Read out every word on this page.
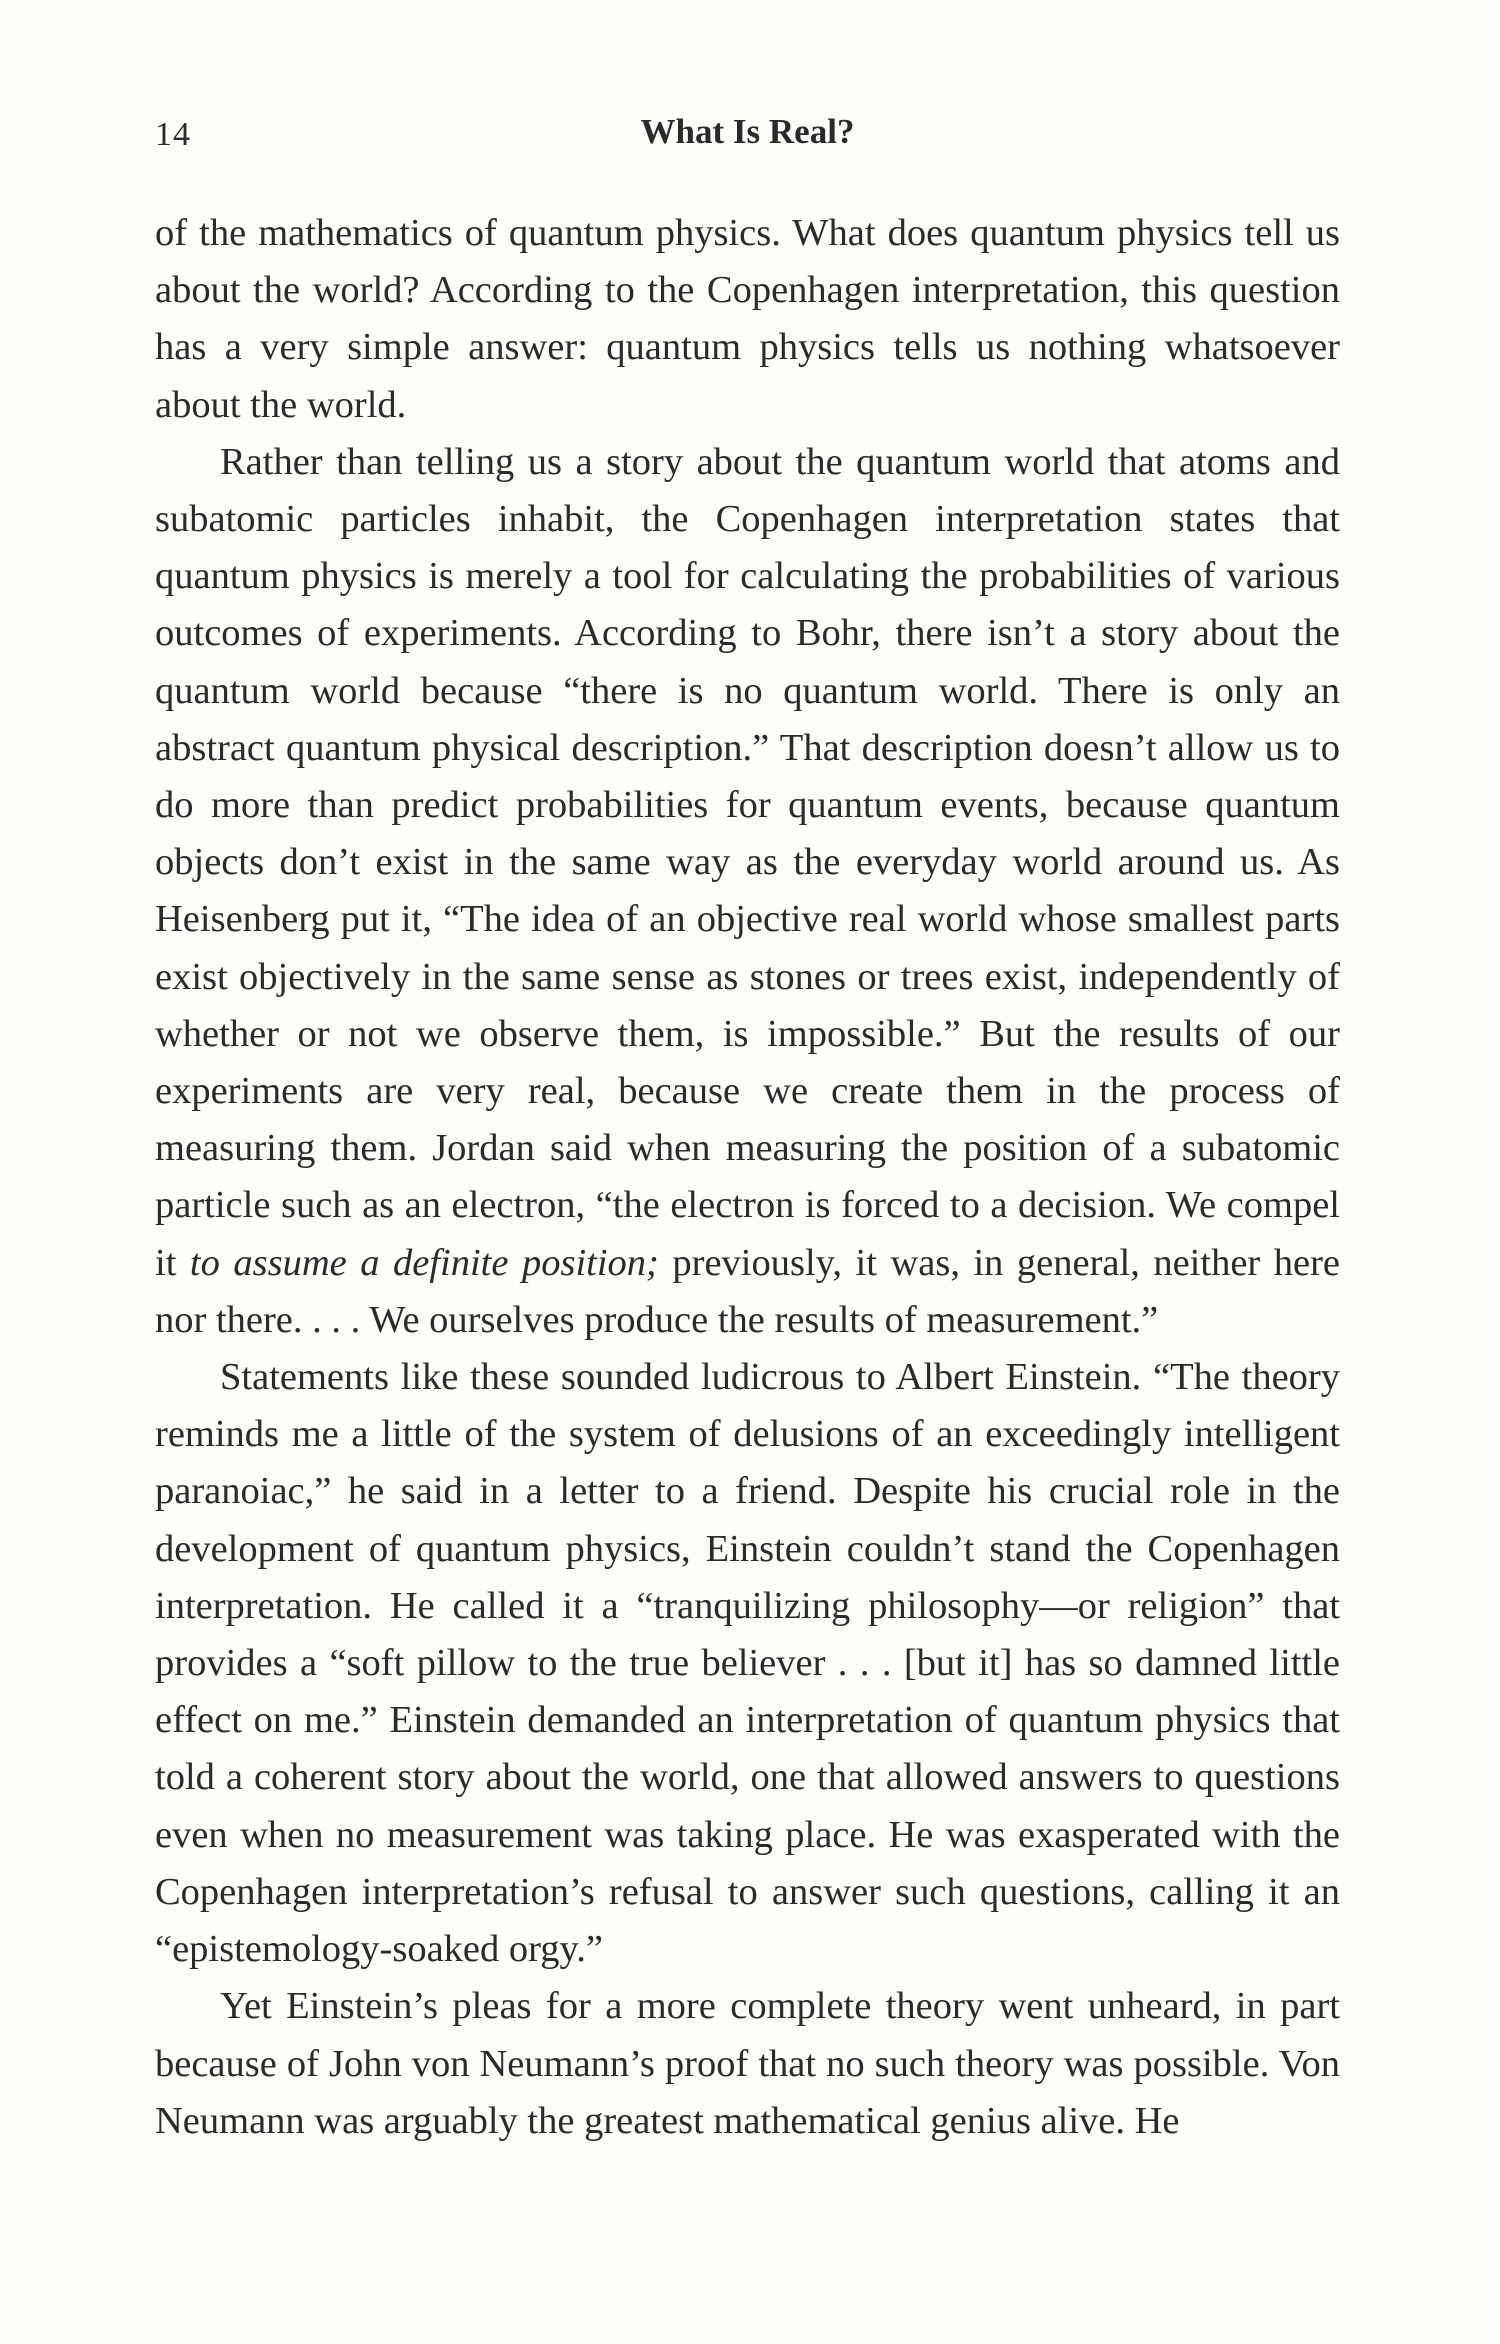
14	What Is Real?

of the mathematics of quantum physics. What does quantum physics tell us about the world? According to the Copenhagen interpretation, this question has a very simple answer: quantum physics tells us nothing whatsoever about the world.

Rather than telling us a story about the quantum world that atoms and subatomic particles inhabit, the Copenhagen interpretation states that quantum physics is merely a tool for calculating the probabilities of various outcomes of experiments. According to Bohr, there isn’t a story about the quantum world because “there is no quantum world. There is only an abstract quantum physical description.” That description doesn’t allow us to do more than predict probabilities for quantum events, because quantum objects don’t exist in the same way as the everyday world around us. As Heisenberg put it, “The idea of an objective real world whose smallest parts exist objectively in the same sense as stones or trees exist, independently of whether or not we observe them, is impossible.” But the results of our experiments are very real, because we create them in the process of measuring them. Jordan said when measuring the position of a subatomic particle such as an electron, “the electron is forced to a decision. We compel it to assume a definite position; previously, it was, in general, neither here nor there. . . . We ourselves produce the results of measurement.”

Statements like these sounded ludicrous to Albert Einstein. “The theory reminds me a little of the system of delusions of an exceedingly intelligent paranoiac,” he said in a letter to a friend. Despite his crucial role in the development of quantum physics, Einstein couldn’t stand the Copenhagen interpretation. He called it a “tranquilizing philosophy—or religion” that provides a “soft pillow to the true believer . . . [but it] has so damned little effect on me.” Einstein demanded an interpretation of quantum physics that told a coherent story about the world, one that allowed answers to questions even when no measurement was taking place. He was exasperated with the Copenhagen interpretation’s refusal to answer such questions, calling it an “epistemology-soaked orgy.”

Yet Einstein’s pleas for a more complete theory went unheard, in part because of John von Neumann’s proof that no such theory was possible. Von Neumann was arguably the greatest mathematical genius alive. He
